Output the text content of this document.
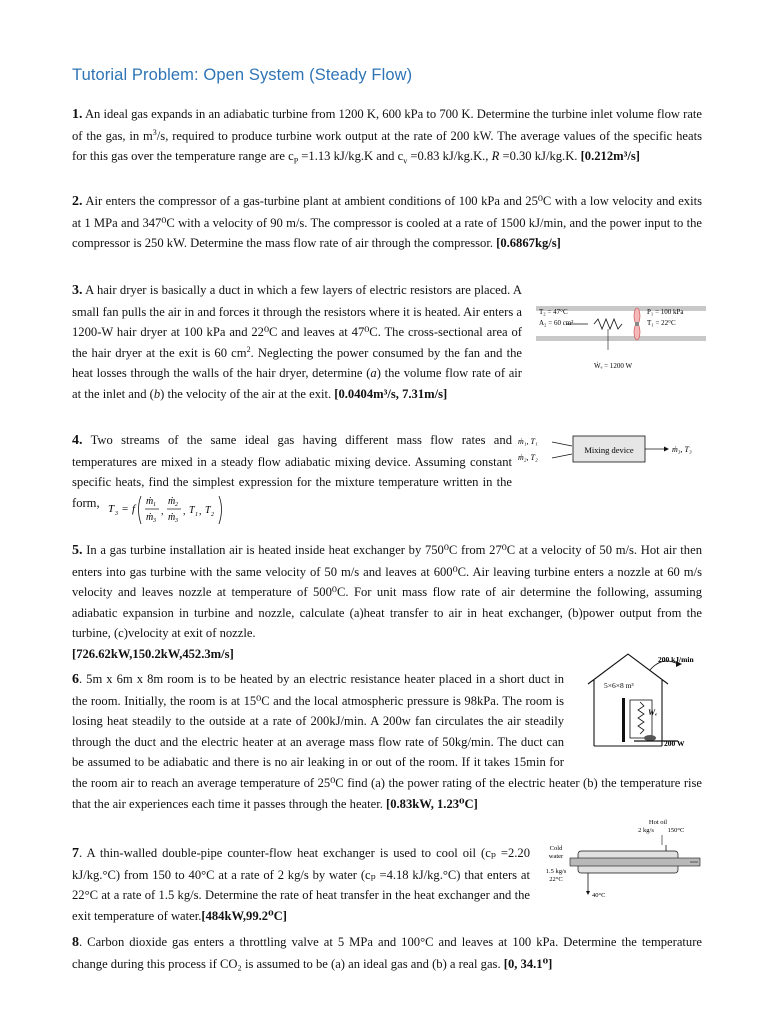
Tutorial Problem: Open System (Steady Flow)
1. An ideal gas expands in an adiabatic turbine from 1200 K, 600 kPa to 700 K. Determine the turbine inlet volume flow rate of the gas, in $m^3/s$, required to produce turbine work output at the rate of 200 kW. The average values of the specific heats for this gas over the temperature range are $c_P =1.13$ kJ/kg.K and $c_v =0.83$ kJ/kg.K., R =0.30 kJ/kg.K. [0.212m³/s]
2. Air enters the compressor of a gas-turbine plant at ambient conditions of 100 kPa and 25⁰C with a low velocity and exits at 1 MPa and 347⁰C with a velocity of 90 m/s. The compressor is cooled at a rate of 1500 kJ/min, and the power input to the compressor is 250 kW. Determine the mass flow rate of air through the compressor. [0.6867kg/s]
3. A hair dryer is basically a duct in which a few layers of electric resistors are placed. A small fan pulls the air in and forces it through the resistors where it is heated. Air enters a 1200-W hair dryer at 100 kPa and 22⁰C and leaves at 47⁰C. The cross-sectional area of the hair dryer at the exit is 60 $cm^2$. Neglecting the power consumed by the fan and the heat losses through the walls of the hair dryer, determine (a) the volume flow rate of air at the inlet and (b) the velocity of the air at the exit. [0.0404m³/s, 7.31m/s]
T₂ = 47°C
A₂ = 60 cm²
P₁ = 100 kPa
T₁ = 22°C
Ẇₑ = 1200 W
4. Two streams of the same ideal gas having different mass flow rates and temperatures are mixed in a steady flow adiabatic mixing device. Assuming constant specific heats, find the simplest expression for the mixture temperature written in the form,
ṁ₁, T₁
ṁ₂, T₂
Mixing device	ṁ₃, T₃
T 3 = f
ṁ 1
ṁ 3
,
ṁ 2
ṁ 3
, T 1 , T 2
5. In a gas turbine installation air is heated inside heat exchanger by 750⁰C from 27⁰C at a velocity of 50 m/s. Hot air then enters into gas turbine with the same velocity of 50 m/s and leaves at 600⁰C. Air leaving turbine enters a nozzle at 60 m/s velocity and leaves nozzle at temperature of 500⁰C. For unit mass flow rate of air determine the following, assuming adiabatic expansion in turbine and nozzle, calculate (a)heat transfer to air in heat exchanger, (b)power output from the turbine, (c)velocity at exit of nozzle.
[726.62kW,150.2kW,452.3m/s]
6. 5m x 6m x 8m room is to be heated by an electric resistance heater placed in a short duct in the room. Initially, the room is at 15⁰C and the local atmospheric pressure is 98kPa. The room is losing heat steadily to the outside at a rate of 200kJ/min. A 200w fan circulates the air steadily through the duct and the electric heater at an average mass flow rate of 50kg/min. The duct can be assumed to be adiabatic and there is no air leaking in or out of the room. If it takes 15min for the room air to reach an average temperature of 25⁰C find (a) the power rating of the electric heater (b) the temperature rise that the air experiences each time it passes through the heater. [0.83kW, 1.23⁰C]
200 kJ/min
5×6×8 m³
Wₑ
200 W
7. A thin-walled double-pipe counter-flow heat exchanger is used to cool oil (cₚ =2.20 kJ/kg.°C) from 150 to 40°C at a rate of 2 kg/s by water (cₚ =4.18 kJ/kg.°C) that enters at 22°C at a rate of 1.5 kg/s. Determine the rate of heat transfer in the heat exchanger and the exit temperature of water.[484kW,99.2⁰C]
Hot oil
2 kg/s 150°C
Cold
water
1.5 kg/s
22°C
40°C
8. Carbon dioxide gas enters a throttling valve at 5 MPa and 100°C and leaves at 100 kPa. Determine the temperature change during this process if CO₂ is assumed to be (a) an ideal gas and (b) a real gas. [0, 34.1⁰]
